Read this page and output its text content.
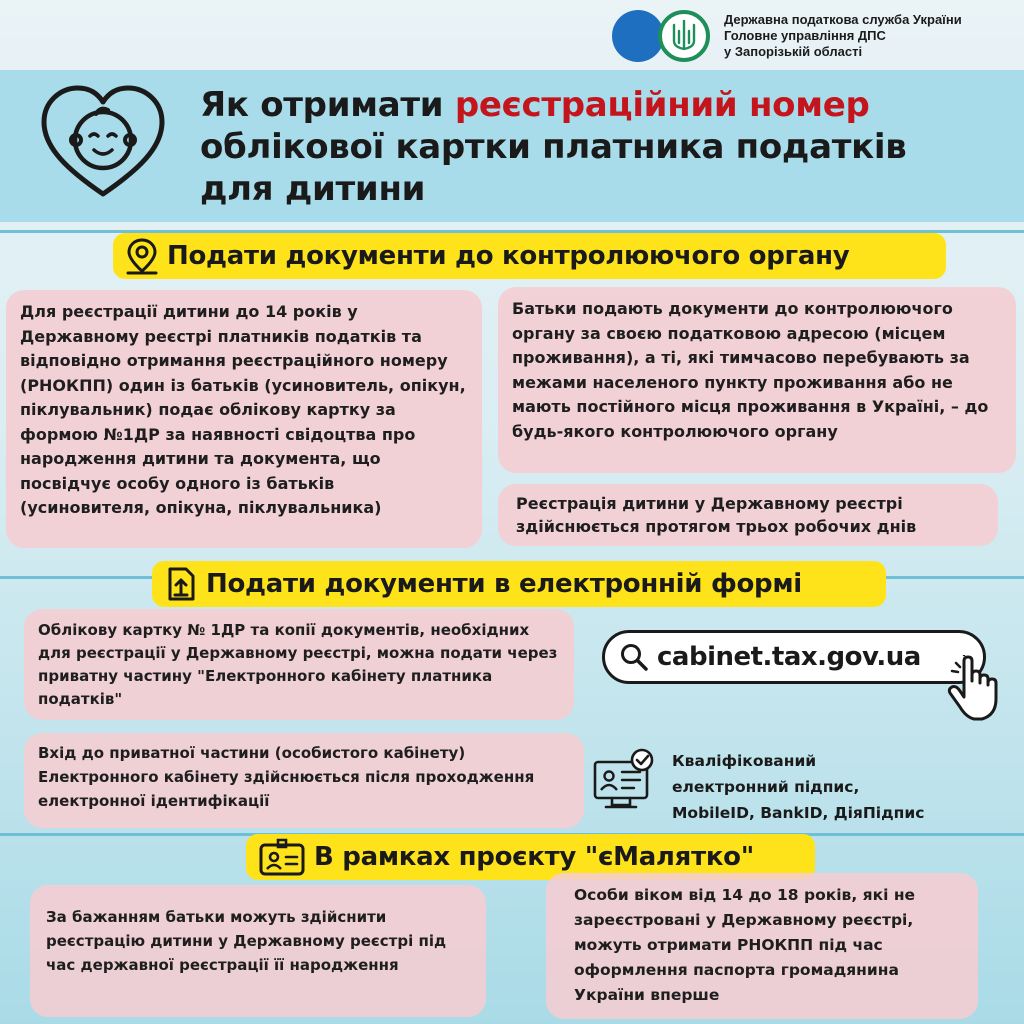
Державна податкова служба України
Головне управління ДПС
у Запорізькій області
Як отримати реєстраційний номер
облікової картки платника податків
для дитини
Подати документи до контролюючого органу
Для реєстрації дитини до 14 років у Державному реєстрі платників податків та відповідно отримання реєстраційного номеру (РНОКПП) один із батьків (усиновитель, опікун, піклувальник) подає облікову картку за формою №1ДР за наявності свідоцтва про народження дитини та документа, що посвідчує особу одного із батьків (усиновителя, опікуна, піклувальника)
Батьки подають документи до контролюючого органу за своєю податковою адресою (місцем проживання), а ті, які тимчасово перебувають за межами населеного пункту проживання або не мають постійного місця проживання в Україні, – до будь-якого контролюючого органу
Реєстрація дитини у Державному реєстрі здійснюється протягом трьох робочих днів
Подати документи в електронній формі
Облікову картку № 1ДР та копії документів, необхідних для реєстрації у Державному реєстрі, можна подати через приватну частину "Електронного кабінету платника податків"
cabinet.tax.gov.ua
Вхід до приватної частини (особистого кабінету) Електронного кабінету здійснюється після проходження електронної ідентифікації
Кваліфікований
електронний підпис,
MobileID, BankID, ДіяПідпис
В рамках проєкту "єМалятко"
За бажанням батьки можуть здійснити реєстрацію дитини у Державному реєстрі під час державної реєстрації її народження
Особи віком від 14 до 18 років, які не зареєстровані у Державному реєстрі, можуть отримати РНОКПП під час оформлення паспорта громадянина України вперше
